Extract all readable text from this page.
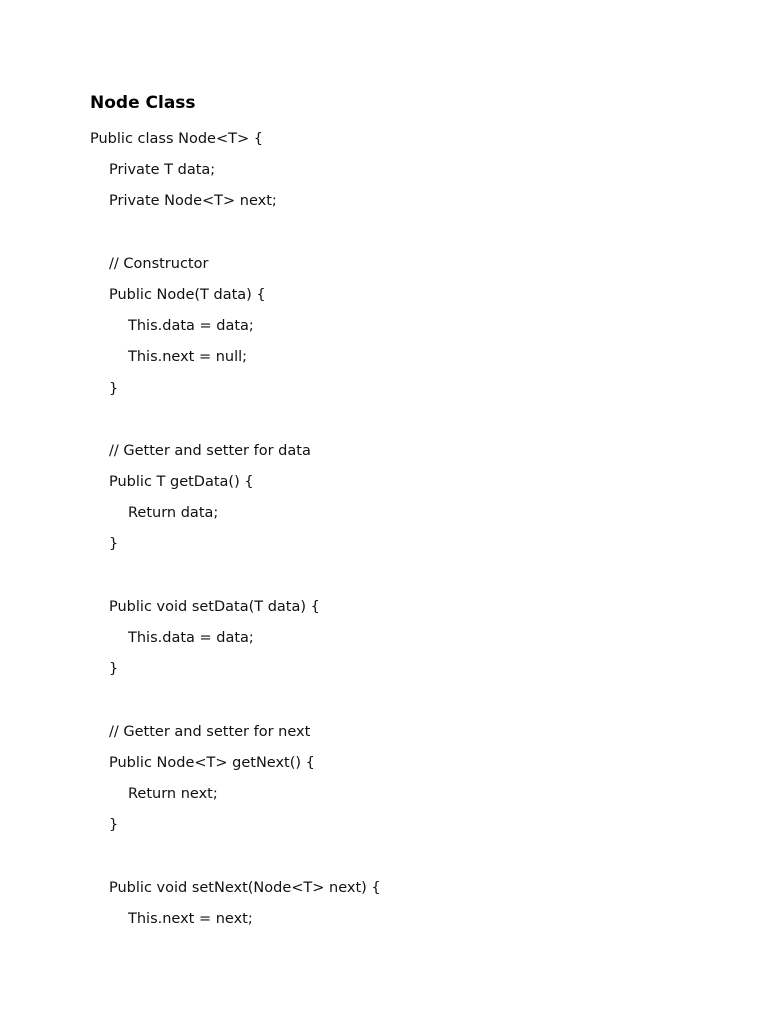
Node Class
Public class Node<T> {
Private T data;
Private Node<T> next;
// Constructor
Public Node(T data) {
This.data = data;
This.next = null;
}
// Getter and setter for data
Public T getData() {
Return data;
}
Public void setData(T data) {
This.data = data;
}
// Getter and setter for next
Public Node<T> getNext() {
Return next;
}
Public void setNext(Node<T> next) {
This.next = next;
